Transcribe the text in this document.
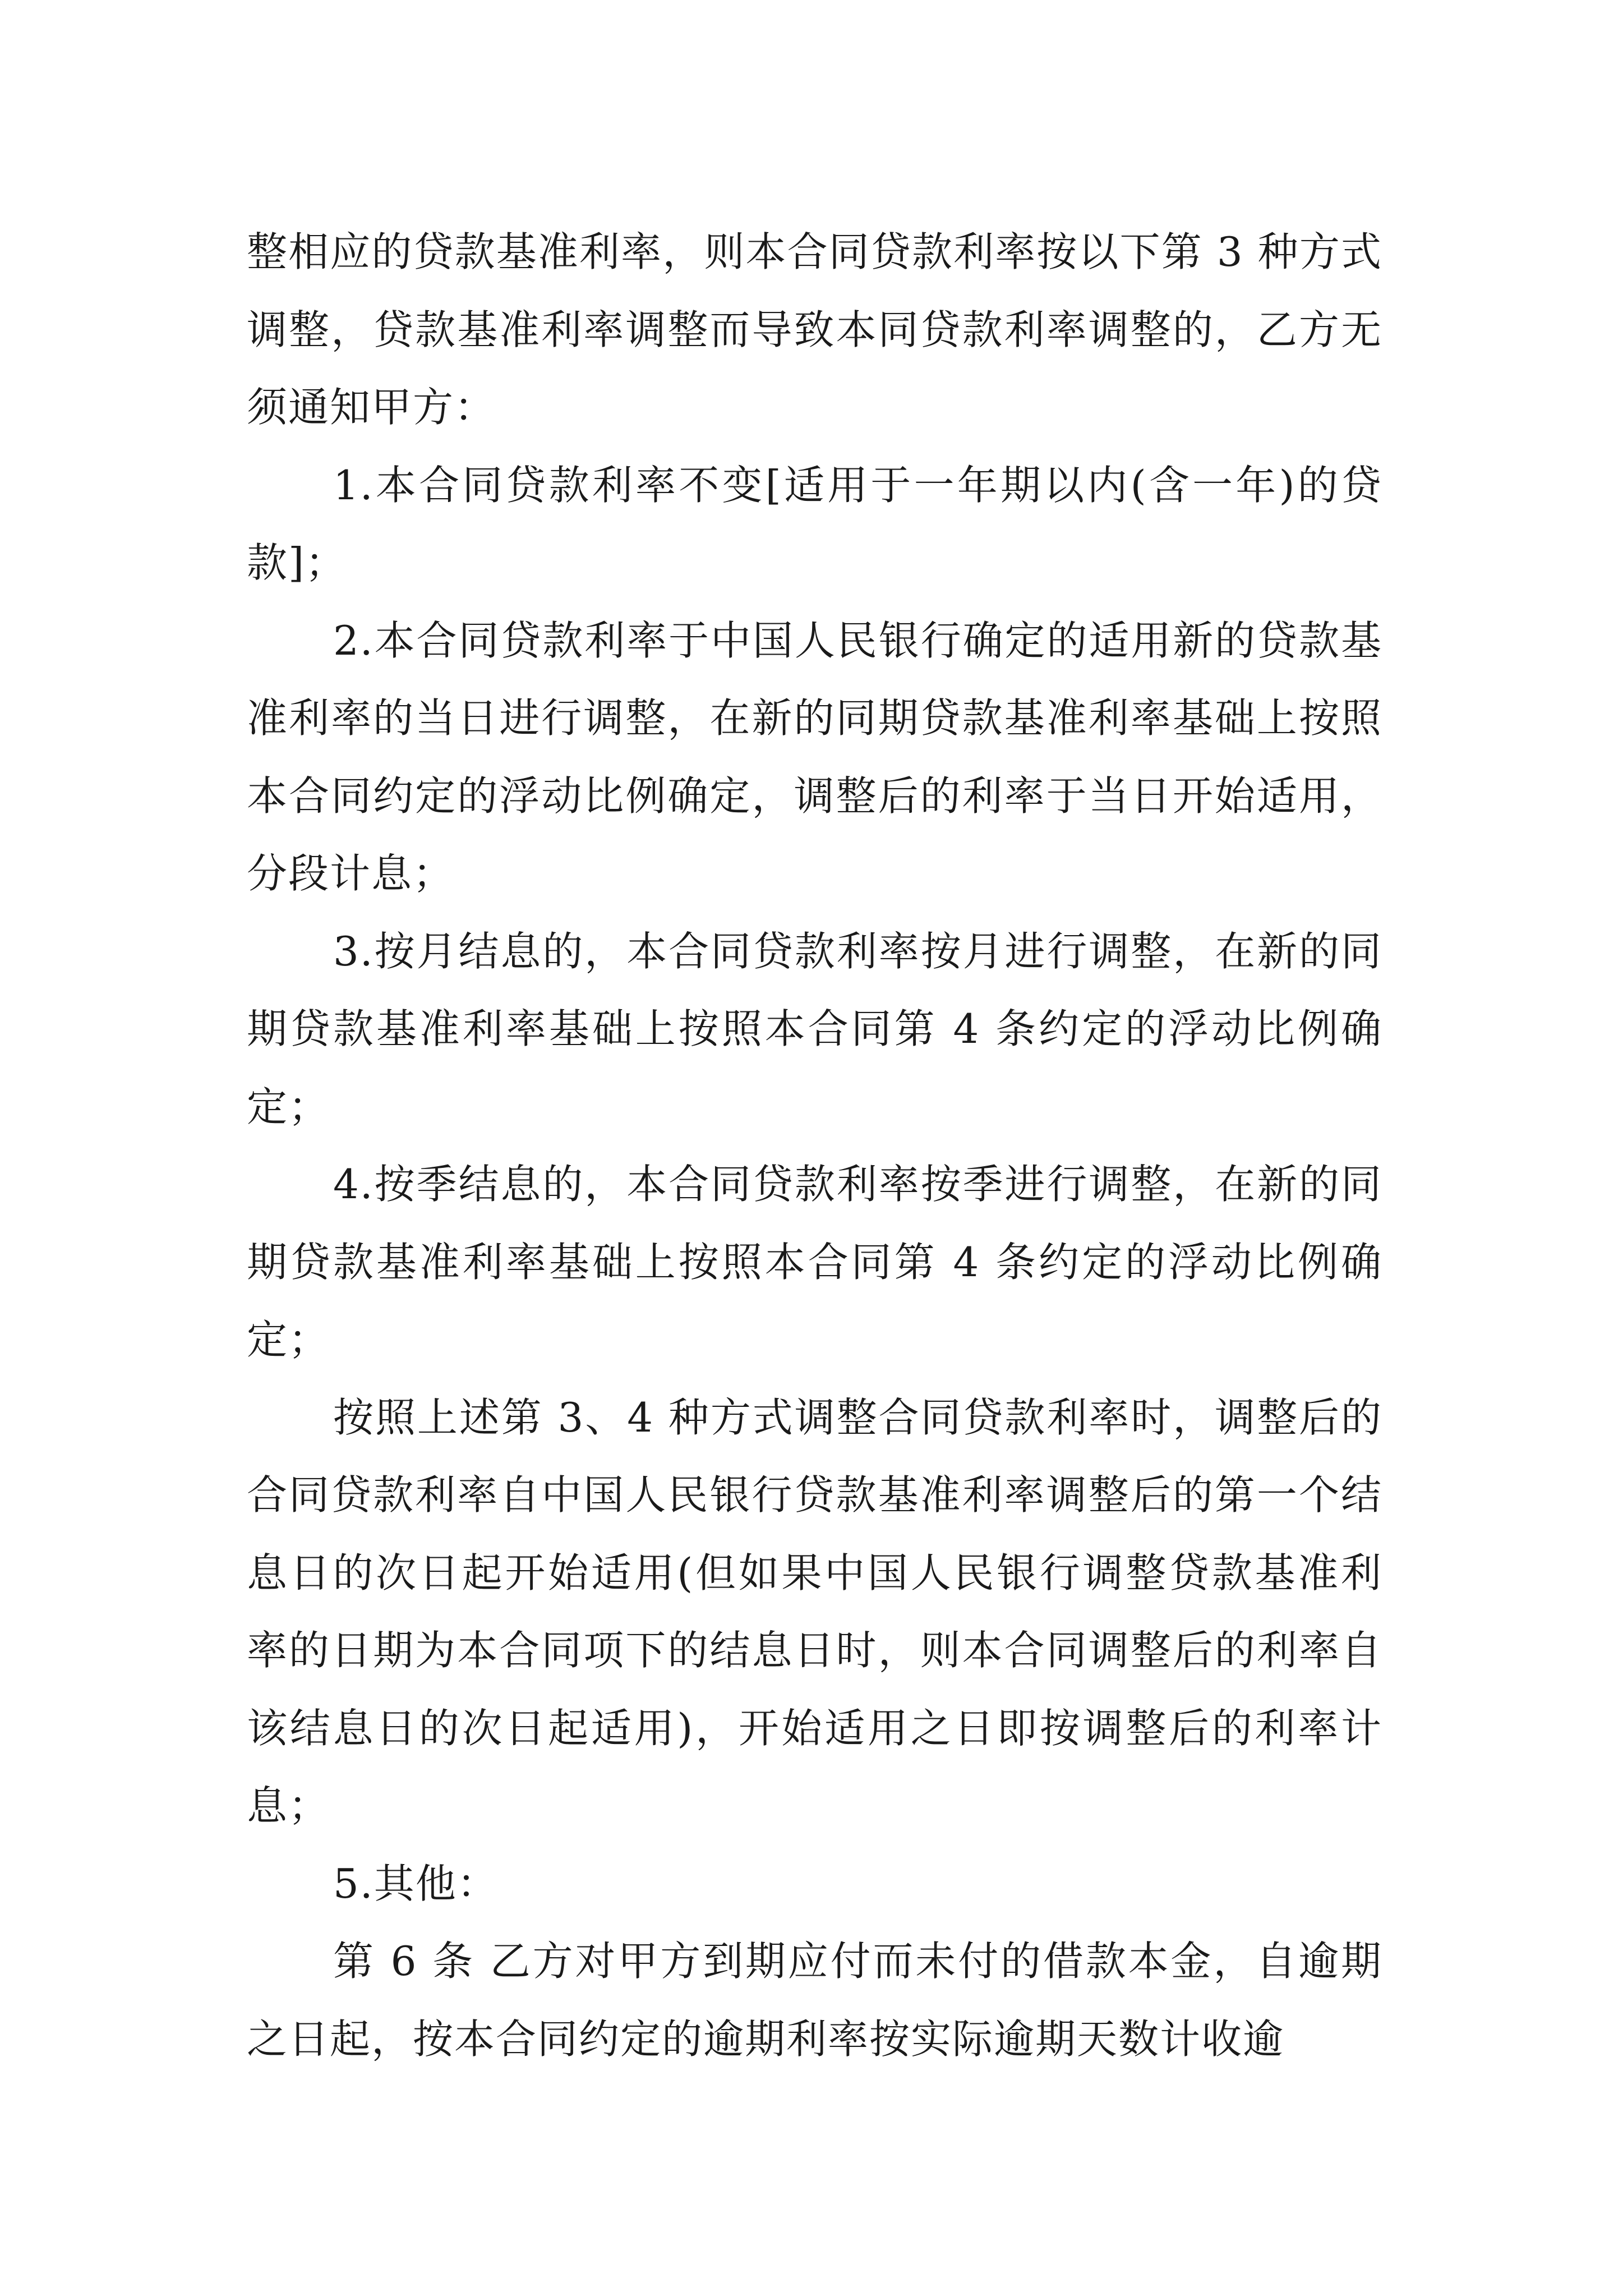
整相应的贷款基准利率，则本合同贷款利率按以下第 3 种方式调整，贷款基准利率调整而导致本同贷款利率调整的，乙方无须通知甲方：

1.本合同贷款利率不变[适用于一年期以内(含一年)的贷款]；

2.本合同贷款利率于中国人民银行确定的适用新的贷款基准利率的当日进行调整，在新的同期贷款基准利率基础上按照本合同约定的浮动比例确定，调整后的利率于当日开始适用，分段计息；

3.按月结息的，本合同贷款利率按月进行调整，在新的同期贷款基准利率基础上按照本合同第 4 条约定的浮动比例确定；

4.按季结息的，本合同贷款利率按季进行调整，在新的同期贷款基准利率基础上按照本合同第 4 条约定的浮动比例确定；

按照上述第 3、4 种方式调整合同贷款利率时，调整后的合同贷款利率自中国人民银行贷款基准利率调整后的第一个结息日的次日起开始适用(但如果中国人民银行调整贷款基准利率的日期为本合同项下的结息日时，则本合同调整后的利率自该结息日的次日起适用)，开始适用之日即按调整后的利率计息；

5.其他：

第 6 条 乙方对甲方到期应付而未付的借款本金，自逾期之日起，按本合同约定的逾期利率按实际逾期天数计收逾
